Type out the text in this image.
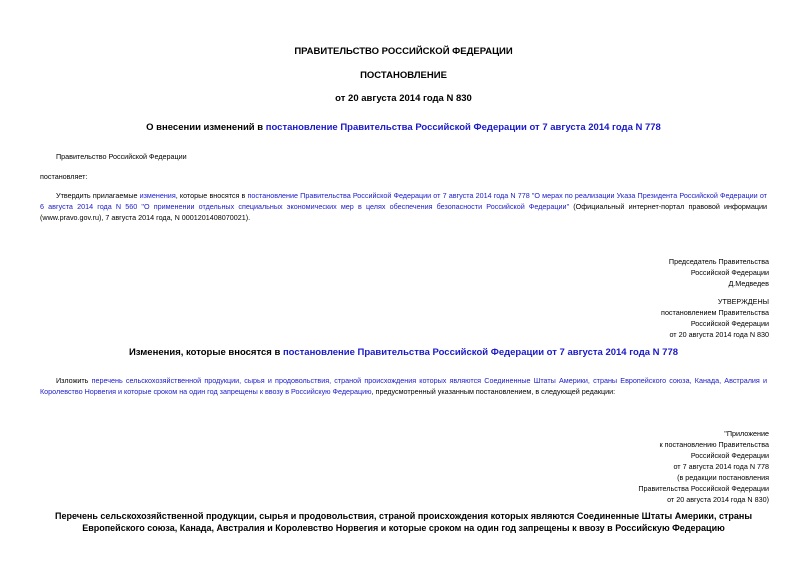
ПРАВИТЕЛЬСТВО РОССИЙСКОЙ ФЕДЕРАЦИИ
ПОСТАНОВЛЕНИЕ
от 20 августа 2014 года N 830
О внесении изменений в постановление Правительства Российской Федерации от 7 августа 2014 года N 778
Правительство Российской Федерации
постановляет:
Утвердить прилагаемые изменения, которые вносятся в постановление Правительства Российской Федерации от 7 августа 2014 года N 778 "О мерах по реализации Указа Президента Российской Федерации от 6 августа 2014 года N 560 "О применении отдельных специальных экономических мер в целях обеспечения безопасности Российской Федерации" (Официальный интернет-портал правовой информации (www.pravo.gov.ru), 7 августа 2014 года, N 0001201408070021).
Председатель Правительства
Российской Федерации
Д.Медведев
УТВЕРЖДЕНЫ
постановлением Правительства
Российской Федерации
от 20 августа 2014 года N 830
Изменения, которые вносятся в постановление Правительства Российской Федерации от 7 августа 2014 года N 778
Изложить перечень сельскохозяйственной продукции, сырья и продовольствия, страной происхождения которых являются Соединенные Штаты Америки, страны Европейского союза, Канада, Австралия и Королевство Норвегия и которые сроком на один год запрещены к ввозу в Российскую Федерацию, предусмотренный указанным постановлением, в следующей редакции:
"Приложение
к постановлению Правительства
Российской Федерации
от 7 августа 2014 года N 778
(в редакции постановления
Правительства Российской Федерации
от 20 августа 2014 года N 830)
Перечень сельскохозяйственной продукции, сырья и продовольствия, страной происхождения которых являются Соединенные Штаты Америки, страны Европейского союза, Канада, Австралия и Королевство Норвегия и которые сроком на один год запрещены к ввозу в Российскую Федерацию
